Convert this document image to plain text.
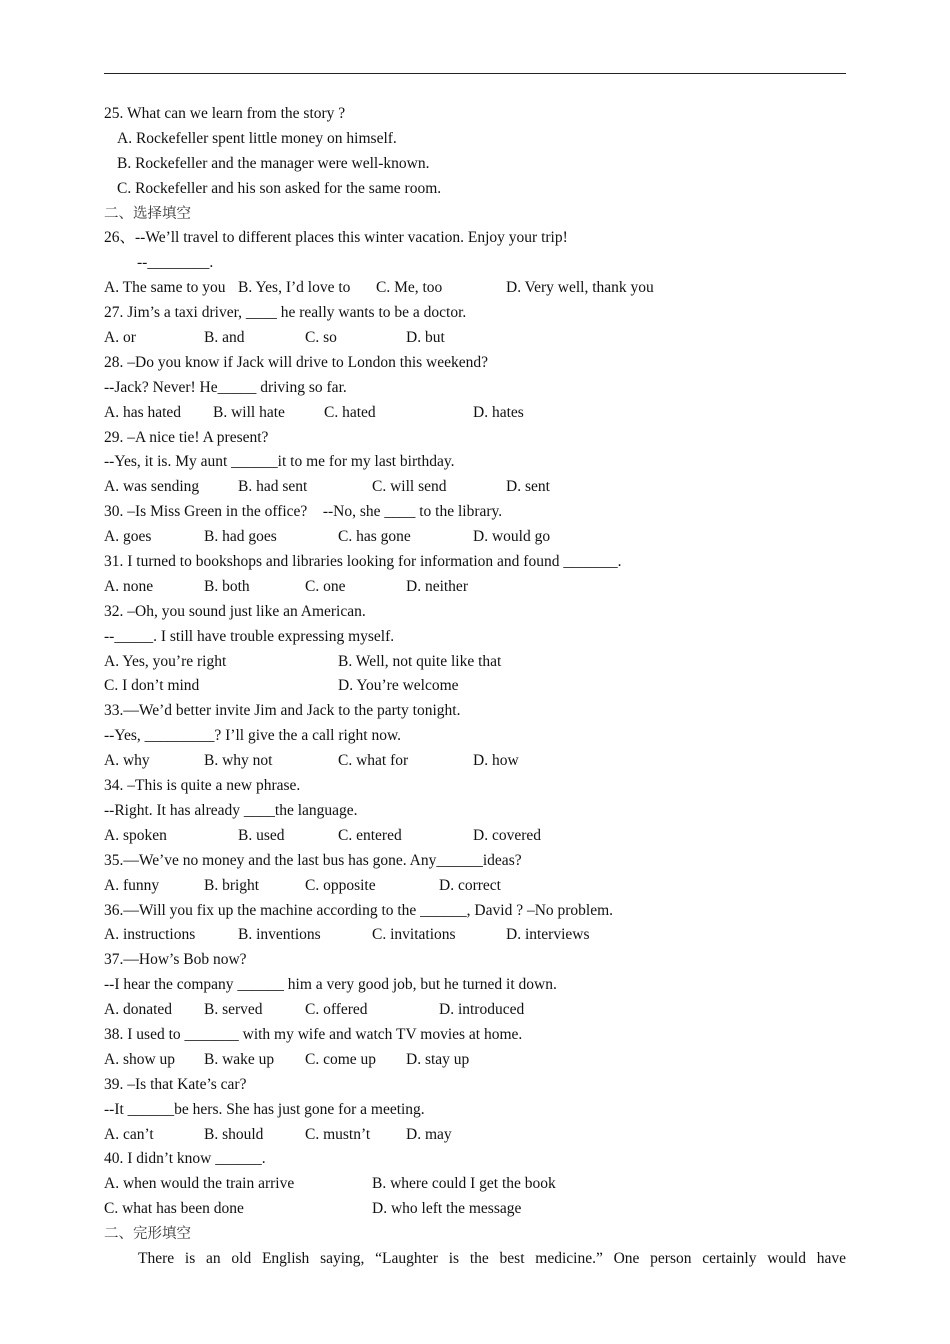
25. What can we learn from the story ?
A. Rockefeller spent little money on himself.
B. Rockefeller and the manager were well-known.
C. Rockefeller and his son asked for the same room.
二、选择填空
26、--We’ll travel to different places this winter vacation. Enjoy your trip!
--________.

A. The same to you

B. Yes, I’d love to

C. Me, too

	D. Very well, thank you

27. Jim’s a taxi driver, ____ he really wants to be a doctor.

A. or

	B. and

	C. so

	D. but

28. –Do you know if Jack will drive to London this weekend?
--Jack? Never! He_____ driving so far.

A. has hated

B. will hate

	C. hated

	D. hates

29. –A nice tie! A present?
--Yes, it is. My aunt ______it to me for my last birthday.

A. was sending

	B. had sent

	C. will send

	D. sent

30. –Is Miss Green in the office?    --No, she ____ to the library.

A. goes

	B. had goes

	C. has gone

	D. would go

31. I turned to bookshops and libraries looking for information and found _______.

A. none

	B. both

	C. one

	D. neither

32. –Oh, you sound just like an American.
--_____. I still have trouble expressing myself.

A. Yes, you’re right

	B. Well, not quite like that

C. I don’t mind

	D. You’re welcome

33.—We’d better invite Jim and Jack to the party tonight.
--Yes, _________? I’ll give the a call right now.

A. why

	B. why not

	C. what for

	D. how

34. –This is quite a new phrase.
--Right. It has already ____the language.

A. spoken

	B. used

	C. entered

	D. covered

35.—We’ve no money and the last bus has gone. Any______ideas?

A. funny

	B. bright

	C. opposite

	D. correct

36.—Will you fix up the machine according to the ______, David ? –No problem.

A. instructions

	B. inventions

	C. invitations

	D. interviews

37.—How’s Bob now?
--I hear the company ______ him a very good job, but he turned it down.

A. donated

B. served

	C. offered

	D. introduced

38. I used to _______ with my wife and watch TV movies at home.

A. show up

B. wake up

C. come up

D. stay up

39. –Is that Kate’s car?
--It ______be hers. She has just gone for a meeting.

A. can’t

	B. should

	C. mustn’t

D. may

40. I didn’t know ______.

A. when would the train arrive

	B. where could I get the book

C. what has been done

	D. who left the message

二、完形填空
There is an old English saying, “Laughter is the best medicine.” One person certainly would have
